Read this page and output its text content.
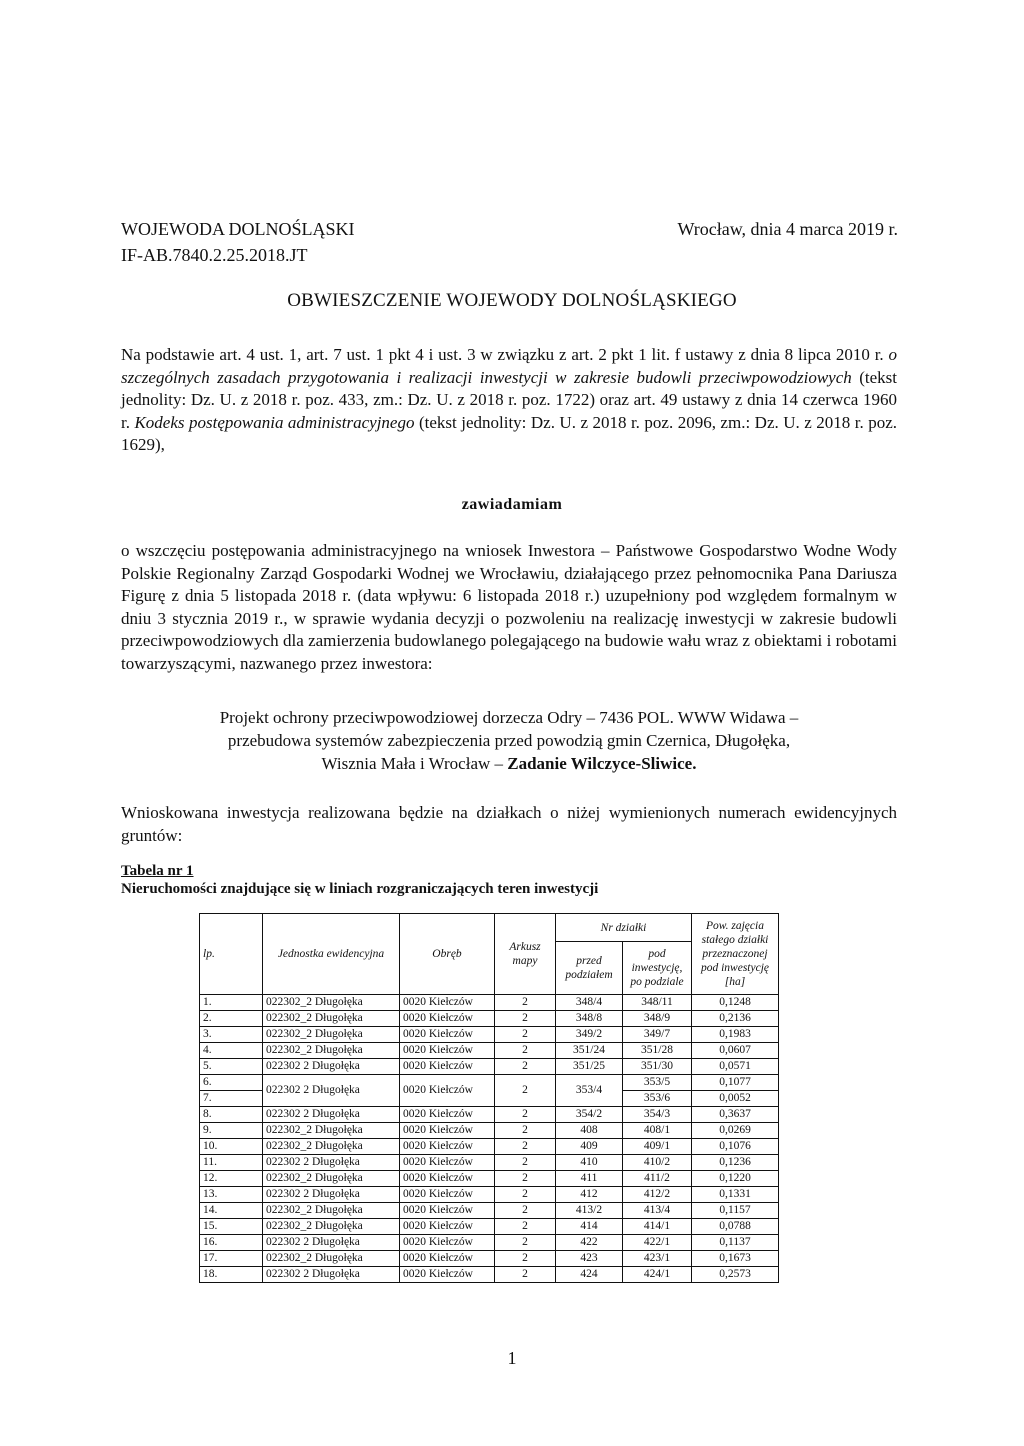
WOJEWODA DOLNOŚLĄSKI
IF-AB.7840.2.25.2018.JT
Wrocław, dnia 4 marca 2019 r.
OBWIESZCZENIE WOJEWODY DOLNOŚLĄSKIEGO

Na podstawie art. 4 ust. 1, art. 7 ust. 1 pkt 4 i ust. 3 w związku z art. 2 pkt 1 lit. f ustawy z dnia 8 lipca 2010 r. o szczególnych zasadach przygotowania i realizacji inwestycji w zakresie budowli przeciwpowodziowych (tekst jednolity: Dz. U. z 2018 r. poz. 433, zm.: Dz. U. z 2018 r. poz. 1722) oraz art. 49 ustawy z dnia 14 czerwca 1960 r. Kodeks postępowania administracyjnego (tekst jednolity: Dz. U. z 2018 r. poz. 2096, zm.: Dz. U. z 2018 r. poz. 1629),

zawiadamiam

o wszczęciu postępowania administracyjnego na wniosek Inwestora – Państwowe Gospodarstwo Wodne Wody Polskie Regionalny Zarząd Gospodarki Wodnej we Wrocławiu, działającego przez pełnomocnika Pana Dariusza Figurę z dnia 5 listopada 2018 r. (data wpływu: 6 listopada 2018 r.) uzupełniony pod względem formalnym w dniu 3 stycznia 2019 r., w sprawie wydania decyzji o pozwoleniu na realizację inwestycji w zakresie budowli przeciwpowodziowych dla zamierzenia budowlanego polegającego na budowie wału wraz z obiektami i robotami towarzyszącymi, nazwanego przez inwestora:

Projekt ochrony przeciwpowodziowej dorzecza Odry – 7436 POL. WWW Widawa –
przebudowa systemów zabezpieczenia przed powodzią gmin Czernica, Długołęka,
Wisznia Mała i Wrocław – Zadanie Wilczyce-Sliwice.

Wnioskowana inwestycja realizowana będzie na działkach o niżej wymienionych numerach ewidencyjnych gruntów:

Tabela nr 1
Nieruchomości znajdujące się w liniach rozgraniczających teren inwestycji
lp.	Jednostka ewidencyjna	Obręb	Arkusz mapy	Nr działki		Pow. zajęcia stałego działki przeznaczonej pod inwestycję [ha]
				przed podziałem	pod inwestycję, po podziale	
1.	022302_2 Długołęka	0020 Kiełczów	2	348/4	348/11	0,1248
2.	022302_2 Długołęka	0020 Kiełczów	2	348/8	348/9	0,2136
3.	022302_2 Długołęka	0020 Kiełczów	2	349/2	349/7	0,1983
4.	022302_2 Długołęka	0020 Kiełczów	2	351/24	351/28	0,0607
5.	022302 2 Długołęka	0020 Kiełczów	2	351/25	351/30	0,0571
6.	022302 2 Długołęka	0020 Kiełczów	2	353/4	353/5	0,1077
7.					353/6	0,0052
8.	022302 2 Długołęka	0020 Kiełczów	2	354/2	354/3	0,3637
9.	022302_2 Długołęka	0020 Kiełczów	2	408	408/1	0,0269
10.	022302_2 Długołęka	0020 Kiełczów	2	409	409/1	0,1076
11.	022302 2 Długołęka	0020 Kiełczów	2	410	410/2	0,1236
12.	022302_2 Długołęka	0020 Kiełczów	2	411	411/2	0,1220
13.	022302 2 Długołęka	0020 Kiełczów	2	412	412/2	0,1331
14.	022302_2 Długołęka	0020 Kiełczów	2	413/2	413/4	0,1157
15.	022302_2 Długołęka	0020 Kiełczów	2	414	414/1	0,0788
16.	022302 2 Długołęka	0020 Kiełczów	2	422	422/1	0,1137
17.	022302_2 Długołęka	0020 Kiełczów	2	423	423/1	0,1673
18.	022302 2 Długołęka	0020 Kiełczów	2	424	424/1	0,2573
1
